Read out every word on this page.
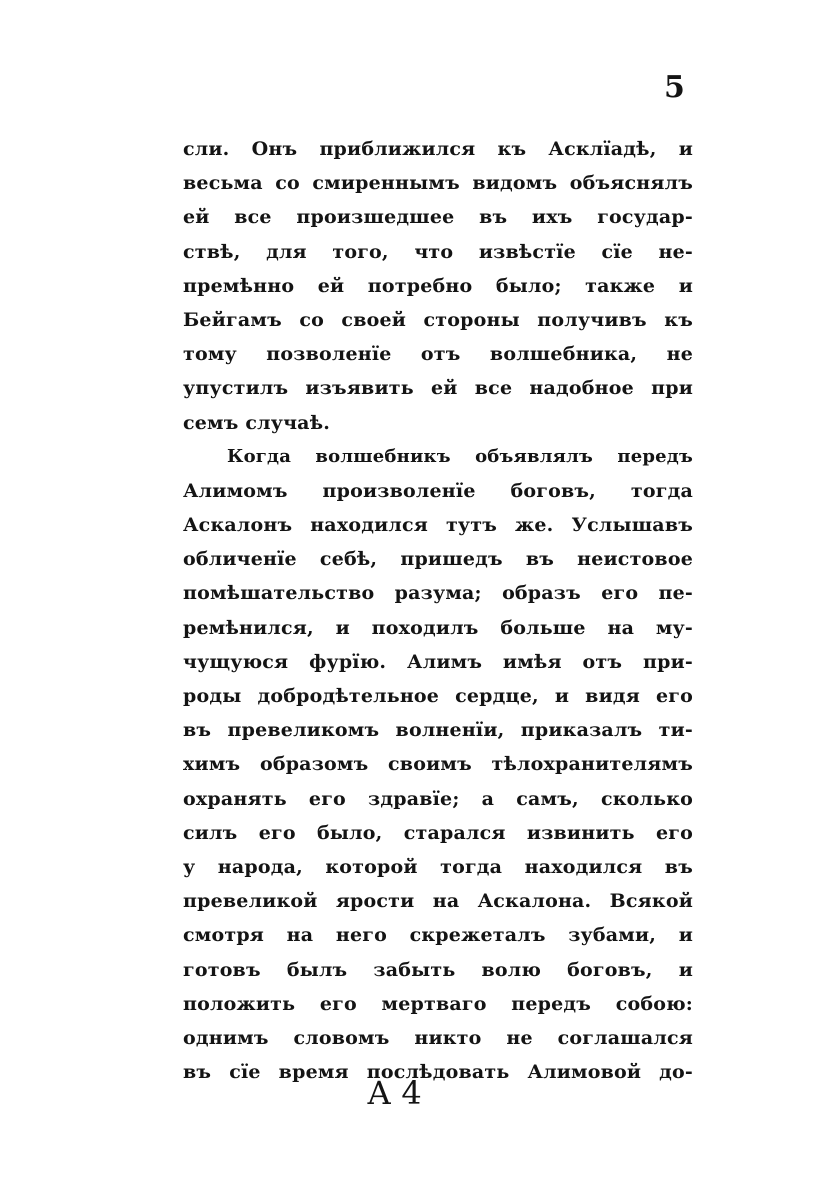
5
сли. Онъ приближился къ Асклїадѣ, и
весьма со смиреннымъ видомъ объяснялъ
ей все произшедшее въ ихъ государ-
ствѣ, для того, что извѣстїе сїе не-
премѣнно ей потребно было; также и
Бейгамъ со своей стороны получивъ къ
тому позволенїе отъ волшебника, не
упустилъ изъявить ей все надобное при
семъ случаѣ.
Когда волшебникъ объявлялъ передъ
Алимомъ произволенїе боговъ, тогда
Аскалонъ находился тутъ же. Услышавъ
обличенїе себѣ, пришедъ въ неистовое
помѣшательство разума; образъ его пе-
ремѣнился, и походилъ больше на му-
чущуюся фурїю. Алимъ имѣя отъ при-
роды добродѣтельное сердце, и видя его
въ превеликомъ волненїи, приказалъ ти-
химъ образомъ своимъ тѣлохранителямъ
охранять его здравїе; а самъ, сколько
силъ его было, старался извинить его
у народа, которой тогда находился въ
превеликой ярости на Аскалона. Всякой
смотря на него скрежеталъ зубами, и
готовъ былъ забыть волю боговъ, и
положить его мертваго передъ собою:
однимъ словомъ никто не соглашался
въ сїе время послѣдовать Алимовой до-
А 4
